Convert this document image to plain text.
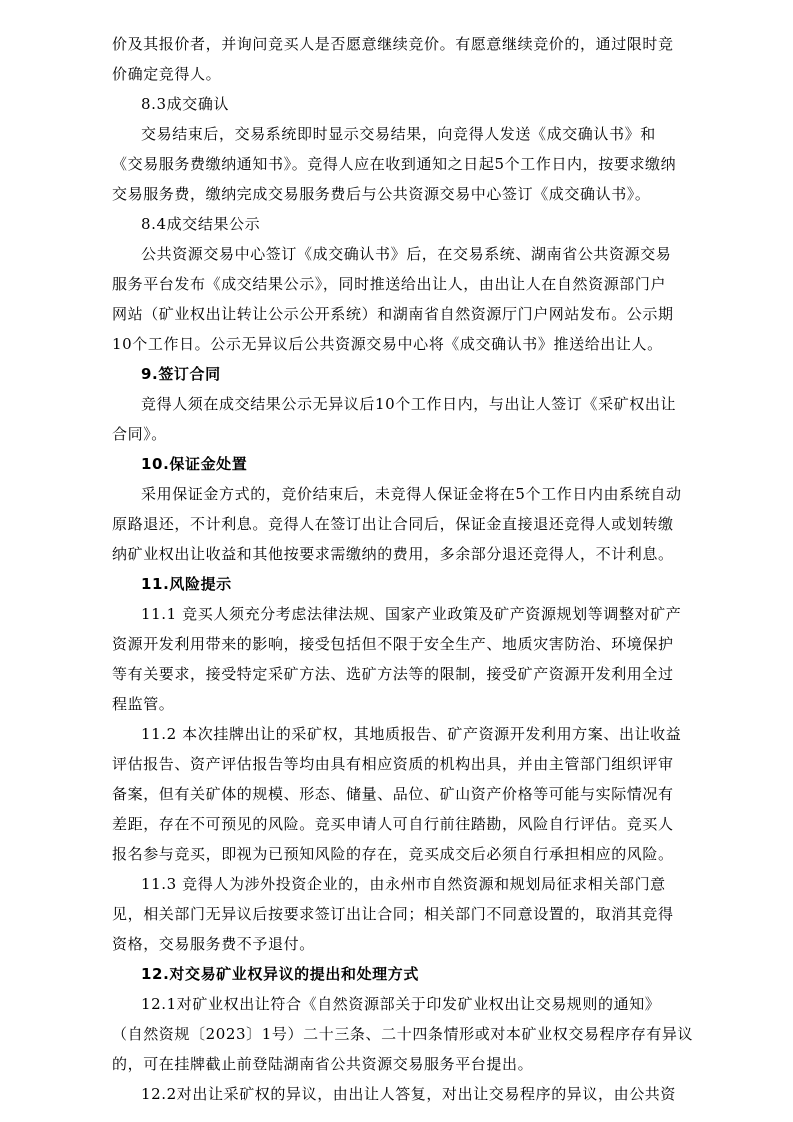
价及其报价者，并询问竞买人是否愿意继续竞价。有愿意继续竞价的，通过限时竞
价确定竞得人。
8.3成交确认
交易结束后，交易系统即时显示交易结果，向竞得人发送《成交确认书》和
《交易服务费缴纳通知书》。竞得人应在收到通知之日起5个工作日内，按要求缴纳
交易服务费，缴纳完成交易服务费后与公共资源交易中心签订《成交确认书》。
8.4成交结果公示
公共资源交易中心签订《成交确认书》后，在交易系统、湖南省公共资源交易
服务平台发布《成交结果公示》，同时推送给出让人，由出让人在自然资源部门户
网站（矿业权出让转让公示公开系统）和湖南省自然资源厅门户网站发布。公示期
10个工作日。公示无异议后公共资源交易中心将《成交确认书》推送给出让人。
9.签订合同
竞得人须在成交结果公示无异议后10个工作日内，与出让人签订《采矿权出让
合同》。
10.保证金处置
采用保证金方式的，竞价结束后，未竞得人保证金将在5个工作日内由系统自动
原路退还，不计利息。竞得人在签订出让合同后，保证金直接退还竞得人或划转缴
纳矿业权出让收益和其他按要求需缴纳的费用，多余部分退还竞得人，不计利息。
11.风险提示
11.1 竞买人须充分考虑法律法规、国家产业政策及矿产资源规划等调整对矿产
资源开发利用带来的影响，接受包括但不限于安全生产、地质灾害防治、环境保护
等有关要求，接受特定采矿方法、选矿方法等的限制，接受矿产资源开发利用全过
程监管。
11.2 本次挂牌出让的采矿权，其地质报告、矿产资源开发利用方案、出让收益
评估报告、资产评估报告等均由具有相应资质的机构出具，并由主管部门组织评审
备案，但有关矿体的规模、形态、储量、品位、矿山资产价格等可能与实际情况有
差距，存在不可预见的风险。竞买申请人可自行前往踏勘，风险自行评估。竞买人
报名参与竞买，即视为已预知风险的存在，竞买成交后必须自行承担相应的风险。
11.3 竞得人为涉外投资企业的，由永州市自然资源和规划局征求相关部门意
见，相关部门无异议后按要求签订出让合同；相关部门不同意设置的，取消其竞得
资格，交易服务费不予退付。
12.对交易矿业权异议的提出和处理方式
12.1对矿业权出让符合《自然资源部关于印发矿业权出让交易规则的通知》
（自然资规〔2023〕1号）二十三条、二十四条情形或对本矿业权交易程序存有异议
的，可在挂牌截止前登陆湖南省公共资源交易服务平台提出。
12.2对出让采矿权的异议，由出让人答复，对出让交易程序的异议，由公共资
